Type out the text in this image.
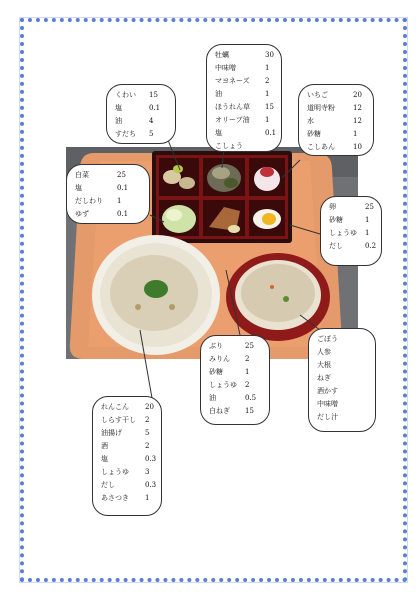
くわい 15
塩	0.1
油	4
すだち 5
牡蠣	30
中味噌	1
マヨネーズ 2
油	1
ほうれん草 15
オリーブ油 1
塩	0.1
こしょう
いちご	20
道明寺粉	12
水	12
砂糖	1
こしあん	10
白菜	25
塩	0.1
だしわり 1
ゆず	0.1
卵	25
砂糖	1
しょうゆ 1
だし	0.2
ぶり	25
みりん 2
砂糖	1
しょうゆ 2
油	0.5
白ねぎ 15
れんこん 20
しらす干し 2
油揚げ	5
酒	2
塩	0.3
しょうゆ 3
だし	0.3
あさつき 1
ごぼう
人参
大根
ねぎ
酒かす
中味噌
だし汁
